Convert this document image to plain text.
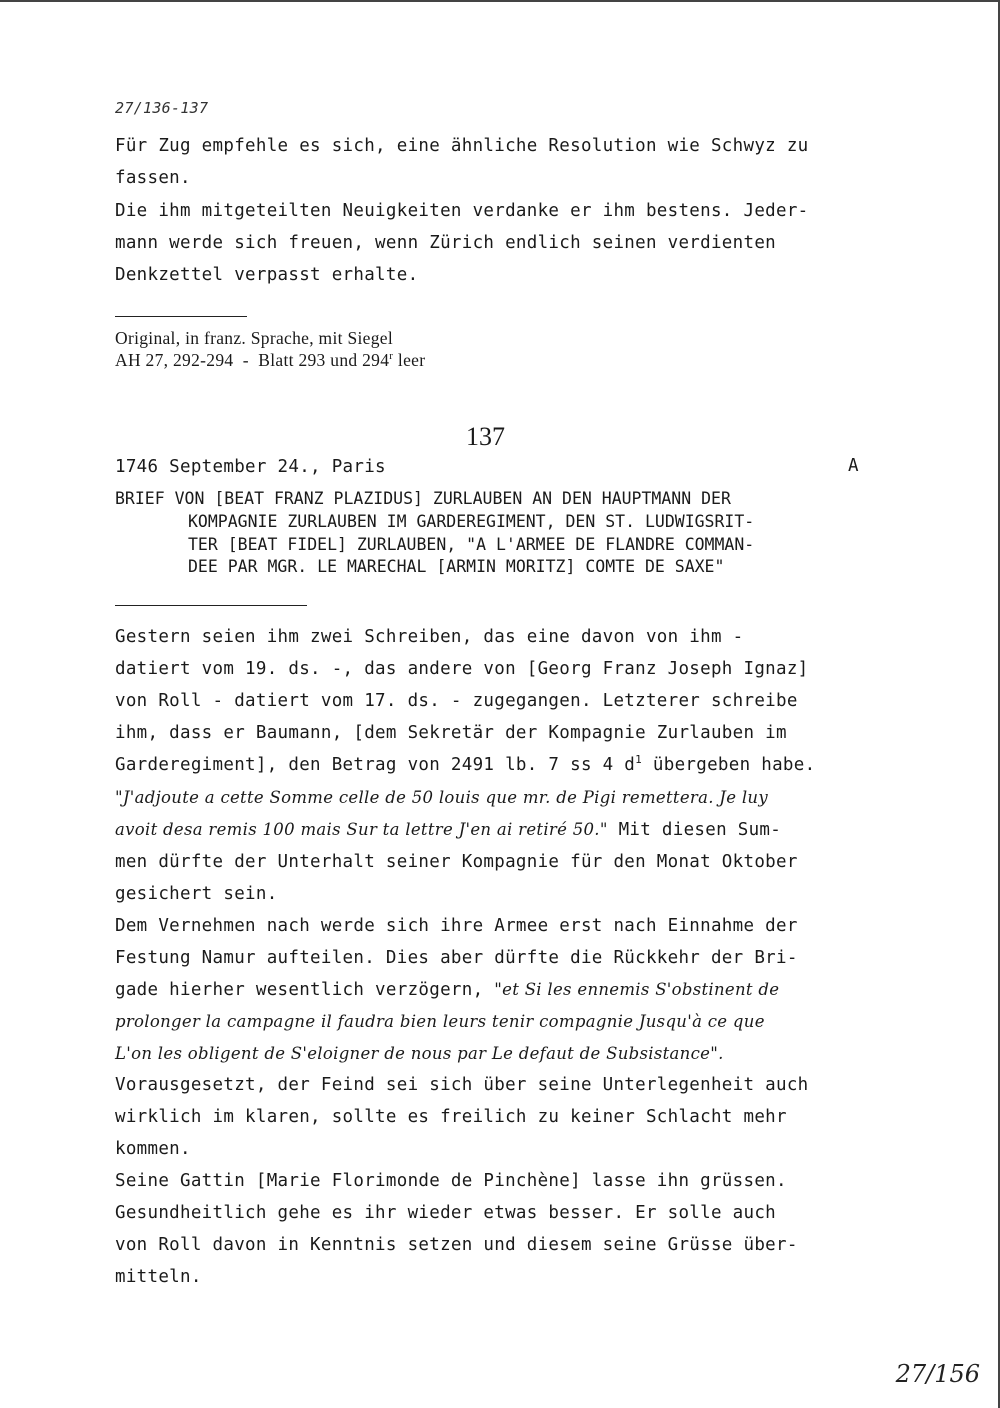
27/136-137
Für Zug empfehle es sich, eine ähnliche Resolution wie Schwyz zu
fassen.
Die ihm mitgeteilten Neuigkeiten verdanke er ihm bestens. Jeder-
mann werde sich freuen, wenn Zürich endlich seinen verdienten
Denkzettel verpasst erhalte.
Original, in franz. Sprache, mit Siegel
AH 27, 292-294  -  Blatt 293 und 294$^r$ leer
137
1746 September 24., Paris	A
BRIEF VON [BEAT FRANZ PLAZIDUS] ZURLAUBEN AN DEN HAUPTMANN DER
KOMPAGNIE ZURLAUBEN IM GARDEREGIMENT, DEN ST. LUDWIGSRIT-
TER [BEAT FIDEL] ZURLAUBEN, "A L'ARMEE DE FLANDRE COMMAN-
DEE PAR MGR. LE MARECHAL [ARMIN MORITZ] COMTE DE SAXE"
Gestern seien ihm zwei Schreiben, das eine davon von ihm -
datiert vom 19. ds. -, das andere von [Georg Franz Joseph Ignaz]
von Roll - datiert vom 17. ds. - zugegangen. Letzterer schreibe
ihm, dass er Baumann, [dem Sekretär der Kompagnie Zurlauben im
Garderegiment], den Betrag von 2491 lb. 7 ss 4 $d^1$ übergeben habe.
"J'adjoute a cette Somme celle de 50 louis que mr. de Pigi remettera. Je luy
avoit desa remis 100 mais Sur ta lettre J'en ai retiré 50." Mit diesen Sum-
men dürfte der Unterhalt seiner Kompagnie für den Monat Oktober
gesichert sein.
Dem Vernehmen nach werde sich ihre Armee erst nach Einnahme der
Festung Namur aufteilen. Dies aber dürfte die Rückkehr der Bri-
gade hierher wesentlich verzögern, "et Si les ennemis S'obstinent de
prolonger la campagne il faudra bien leurs tenir compagnie Jusqu'à ce que
L'on les obligent de S'eloigner de nous par Le defaut de Subsistance".
Vorausgesetzt, der Feind sei sich über seine Unterlegenheit auch
wirklich im klaren, sollte es freilich zu keiner Schlacht mehr
kommen.
Seine Gattin [Marie Florimonde de Pinchène] lasse ihn grüssen.
Gesundheitlich gehe es ihr wieder etwas besser. Er solle auch
von Roll davon in Kenntnis setzen und diesem seine Grüsse über-
mitteln.
27/156
